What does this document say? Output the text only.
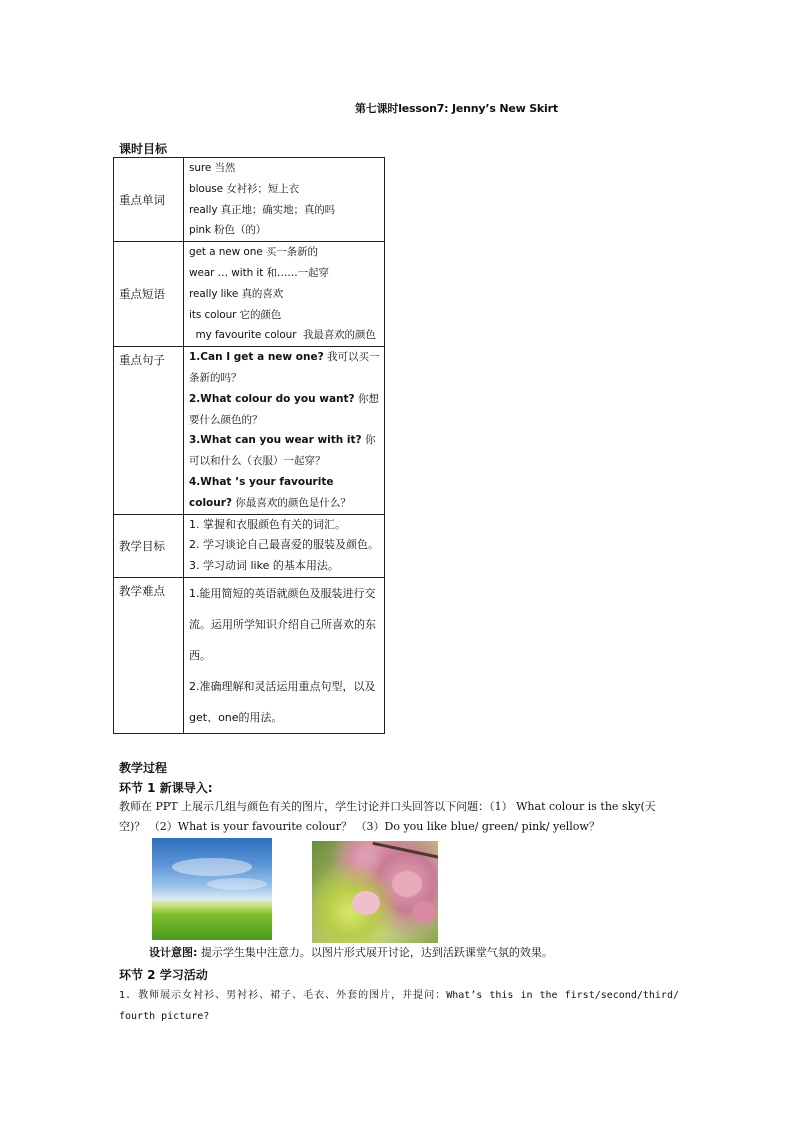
第七课时lesson7: Jenny’s New Skirt
课时目标
重点单词	sure 当然
blouse 女衬衫；短上衣
really 真正地；确实地；真的吗
pink 粉色（的）

重点短语	get a new one 买一条新的
wear … with it 和……一起穿
really like 真的喜欢
its colour 它的颜色
my favourite colour  我最喜欢的颜色

重点句子	1.Can I get a new one? 我可以买一条新的吗？
2.What colour do you want? 你想要什么颜色的？
3.What can you wear with it? 你可以和什么（衣服）一起穿？
4.What ’s your favourite colour? 你最喜欢的颜色是什么？

教学目标	1. 掌握和衣服颜色有关的词汇。
2. 学习谈论自己最喜爱的服装及颜色。
3. 学习动词 like 的基本用法。

教学难点	1.能用简短的英语就颜色及服装进行交流。运用所学知识介绍自己所喜欢的东西。
2.准确理解和灵活运用重点句型，以及 get、one的用法。
教学过程
环节 1 新课导入:
教师在 PPT 上展示几组与颜色有关的图片，学生讨论并口头回答以下问题：（1） What colour is the sky(天空)？ （2）What is your favourite colour？ （3）Do you like blue/ green/ pink/ yellow？
设计意图: 提示学生集中注意力。以图片形式展开讨论，达到活跃课堂气氛的效果。
环节 2 学习活动
1. 教师展示女衬衫、男衬衫、裙子、毛衣、外套的图片，并提问：What’s this in the first/second/third/ fourth picture?
